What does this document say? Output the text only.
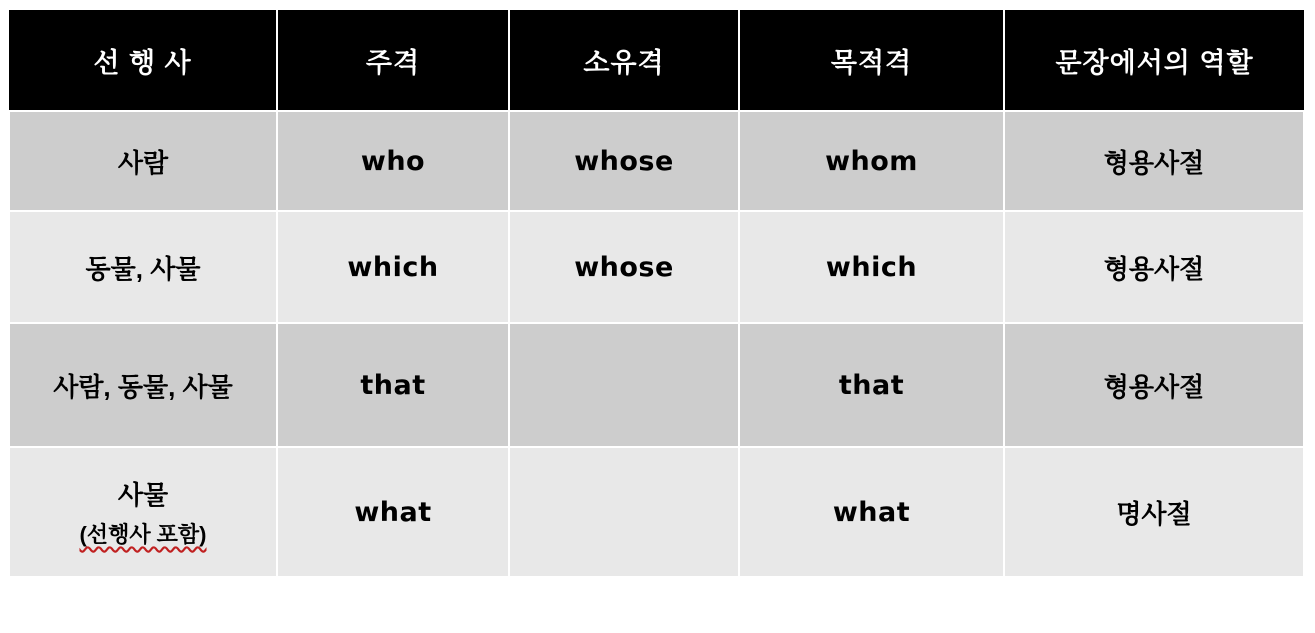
선 행 사	주격	소유격	목적격	문장에서의 역할
사람	who	whose	whom	형용사절
동물, 사물	which	whose	which	형용사절
사람, 동물, 사물	that		that	형용사절

사물
(선행사 포함)	what		what	명사절
